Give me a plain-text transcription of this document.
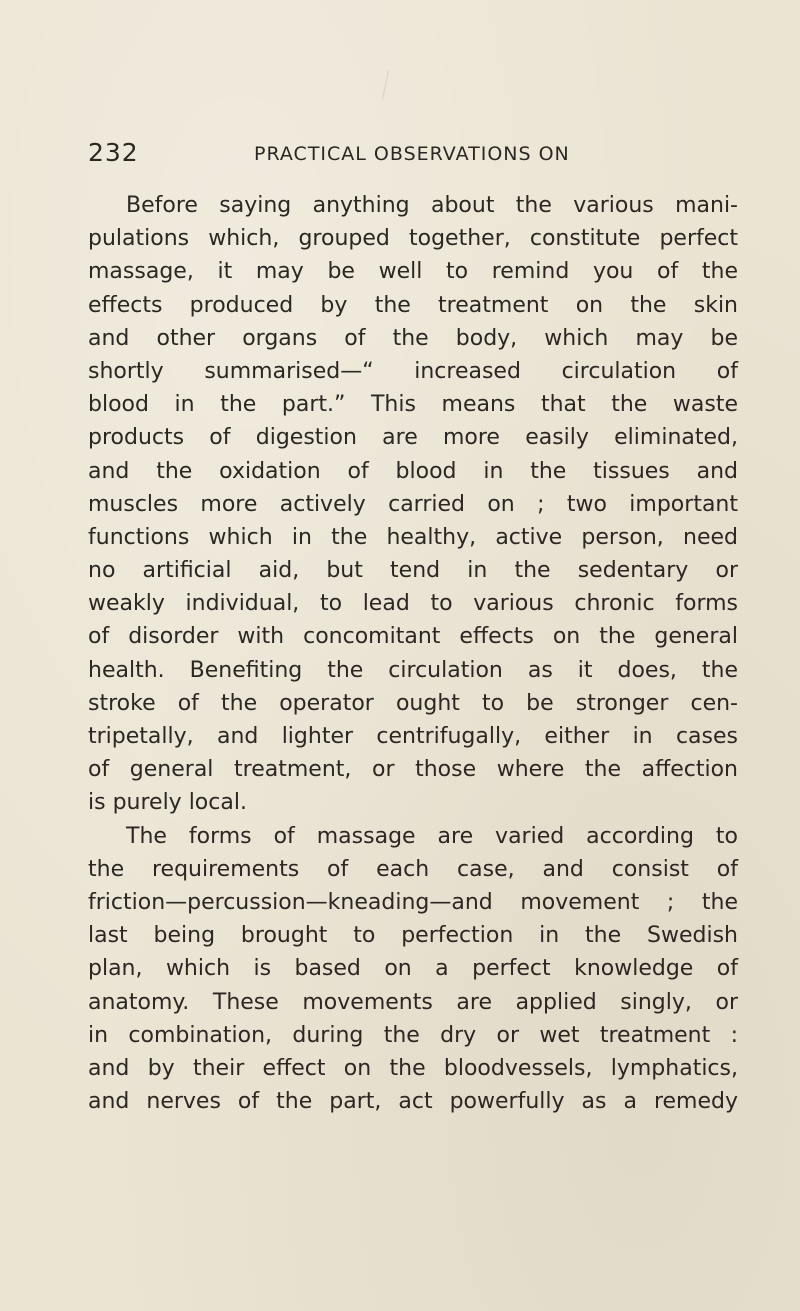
232	PRACTICAL OBSERVATIONS ON
Before saying anything about the various mani-
pulations which, grouped together, constitute perfect
massage, it may be well to remind you of the
effects produced by the treatment on the skin
and other organs of the body, which may be
shortly summarised—“ increased circulation of
blood in the part.” This means that the waste
products of digestion are more easily eliminated,
and the oxidation of blood in the tissues and
muscles more actively carried on ; two important
functions which in the healthy, active person, need
no artificial aid, but tend in the sedentary or
weakly individual, to lead to various chronic forms
of disorder with concomitant effects on the general
health. Benefiting the circulation as it does, the
stroke of the operator ought to be stronger cen-
tripetally, and lighter centrifugally, either in cases
of general treatment, or those where the affection
is purely local.
The forms of massage are varied according to
the requirements of each case, and consist of
friction—percussion—kneading—and movement ; the
last being brought to perfection in the Swedish
plan, which is based on a perfect knowledge of
anatomy. These movements are applied singly, or
in combination, during the dry or wet treatment :
and by their effect on the bloodvessels, lymphatics,
and nerves of the part, act powerfully as a remedy
